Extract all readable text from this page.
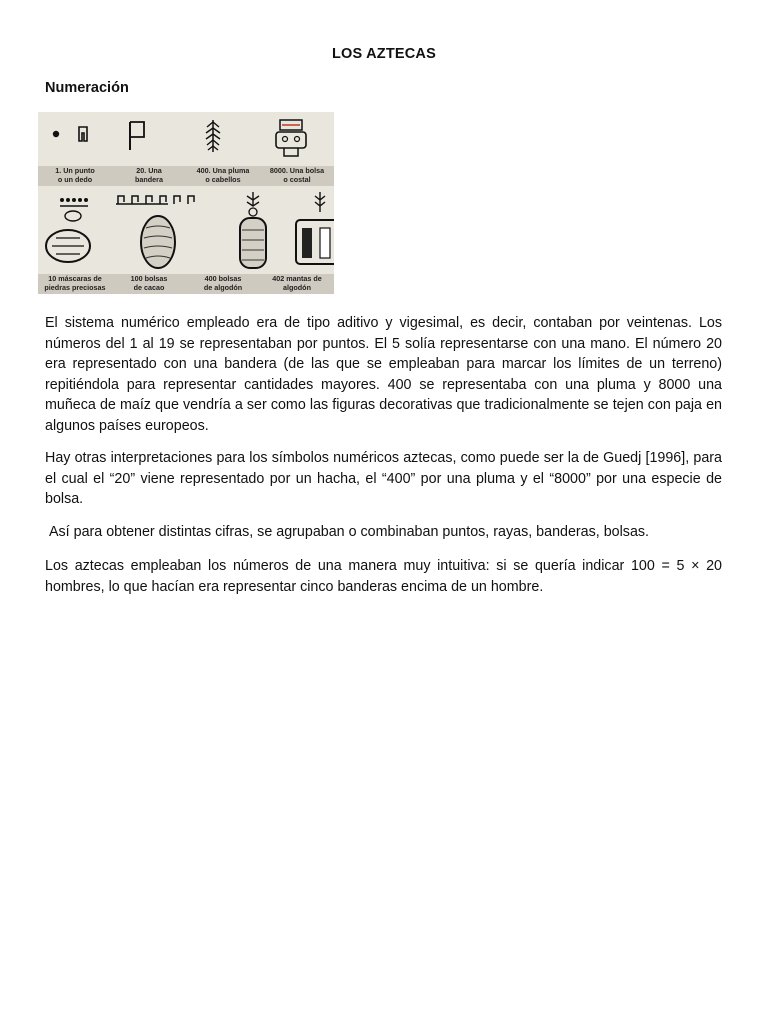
LOS AZTECAS
Numeración
1. Un punto
o un dedo
20. Una
bandera
400. Una pluma
o cabellos
8000. Una bolsa
o costal
10 máscaras de
piedras preciosas
100 bolsas
de cacao
400 bolsas
de algodón
402 mantas de
algodón

El sistema numérico empleado era de tipo aditivo y vigesimal, es decir, contaban por veintenas. Los números del 1 al 19 se representaban por puntos. El 5 solía representarse con una mano. El número 20 era representado con una bandera (de las que se empleaban para marcar los límites de un terreno) repitiéndola para representar cantidades mayores. 400 se representaba con una pluma y 8000 una muñeca de maíz que vendría a ser como las figuras decorativas que tradicionalmente se tejen con paja en algunos países europeos.

Hay otras interpretaciones para los símbolos numéricos aztecas, como puede ser la de Guedj [1996], para el cual el “20” viene representado por un hacha, el “400” por una pluma y el “8000” por una especie de bolsa.

Así para obtener distintas cifras, se agrupaban o combinaban puntos, rayas, banderas, bolsas.

Los aztecas empleaban los números de una manera muy intuitiva: si se quería indicar 100 = 5 × 20 hombres, lo que hacían era representar cinco banderas encima de un hombre.
